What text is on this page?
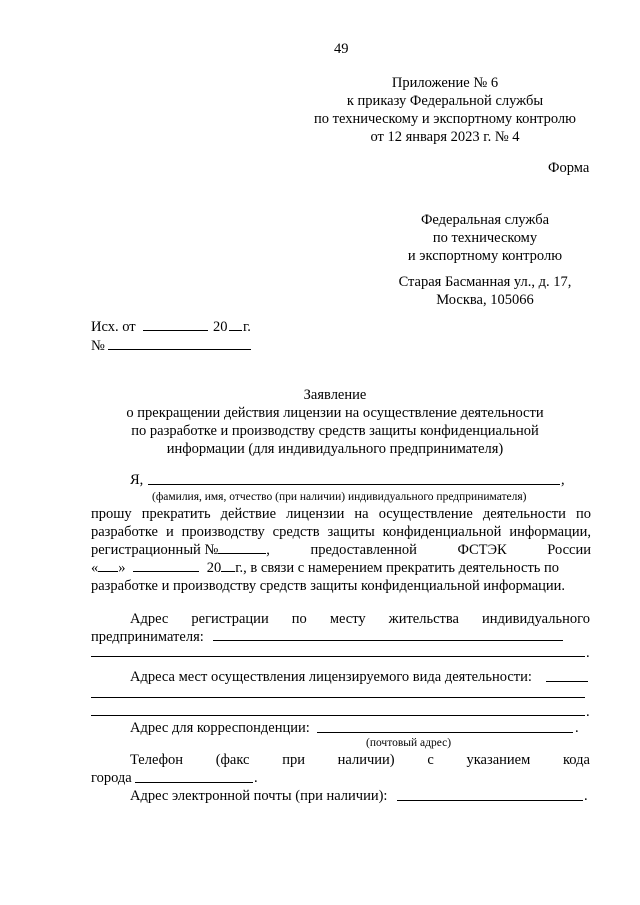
49
Приложение № 6
к приказу Федеральной службы
по техническому и экспортному контролю
от 12 января 2023 г. № 4
Форма
Федеральная служба
по техническому
и экспортному контролю
Старая Басманная ул., д. 17,
Москва, 105066
Исх. от	20 г.
№
Заявление
о прекращении действия лицензии на осуществление деятельности
по разработке и производству средств защиты конфиденциальной
информации (для индивидуального предпринимателя)
Я,	,
(фамилия, имя, отчество (при наличии) индивидуального предпринимателя)
прошу прекратить действие лицензии на осуществление деятельности по
разработке и производству средств защиты конфиденциальной информации,
регистрационный №	,	предоставленной	ФСТЭК	России
« »	20 г., в связи с намерением прекратить деятельность по
разработке и производству средств защиты конфиденциальной информации.
Адрес регистрации по месту жительства индивидуального
предпринимателя:
.
Адреса мест осуществления лицензируемого вида деятельности:
.
Адрес для корреспонденции:	.
(почтовый адрес)
Телефон (факс при наличии) с указанием кода
города	.
Адрес электронной почты (при наличии):	.
